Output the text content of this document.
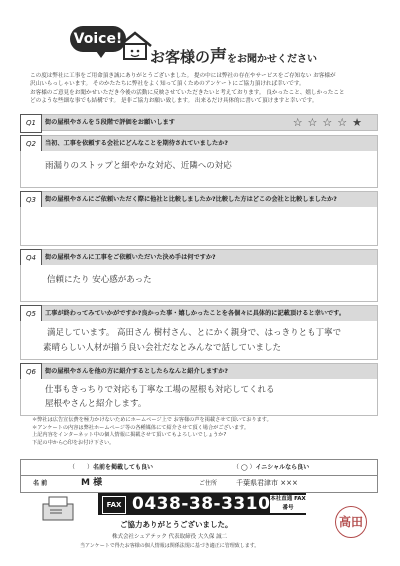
Voice!
お客様の声をお聞かせください
この度は弊社に工事をご用命頂き誠にありがとうございました。 提の中には弊社の存在やサービスをご存知ない お客様が
沢山いらっしゃいます。 そのかたたちに弊社をよく知って頂くためのアンケートにご協力頂ければ幸いです。
お客様のご意見をお聞かせいただき今後の活動に反映させていただきたいと考えております。 良かったこと、嬉しかったこと
どのような些細な事でも結構です。 是非ご協力お願い致します。 出来るだけ具体的に書いて頂けますと幸いです。
Q1	街の屋根やさんを５段階で評価をお願いします	☆☆☆☆★
Q2	当初、工事を依頼する会社にどんなことを期待されていましたか?
雨漏りのストップと細やかな対応、近隣への対応
Q3	街の屋根やさんにご依頼いただく際に他社と比較しましたか?比較した方はどこの会社と比較しましたか?
Q4	街の屋根やさんに工事をご依頼いただいた決め手は何ですか?
信頼にたり 安心感があった
Q5	工事が終わってみていかがですか?良かった事・嬉しかったことを各個々に具体的に記載頂けると幸いです。
満足しています。 高田さん 樹村さん、とにかく親身で、はっきりとも丁寧で
素晴らしい人材が揃う良い会社だなとみんなで話していました
Q6	街の屋根やさんを他の方に紹介するとしたらなんと紹介しますか?
仕事もきっちりで対応も丁寧な工場の屋根も対応してくれる
屋根やさんと紹介します。
＊弊社は広告宣伝費を極力かけないためにホームページ上で お客様の声を掲載させて頂いております。
＊アンケートの内容は弊社ホームページ等の各種媒体にて紹介させて頂く場合がございます。
上記内容をインターネット中の個人情報に掲載させて頂いてもよろしいでしょうか?
下記の中から○印をお付け下さい。
（　　）名前を掲載しても良い	（ ◯ ）イニシャルなら良い
名 前	M 様	ご住所	千葉県君津市 ×××
FAX 0438-38-3310 本社直通 FAX番号
ご協力ありがとうございました。
株式会社シェアテック 代表取締役 大久保 誠二
当アンケートで得たお客様の個人情報は関係法規に基づき適正に管理致します。
高田
